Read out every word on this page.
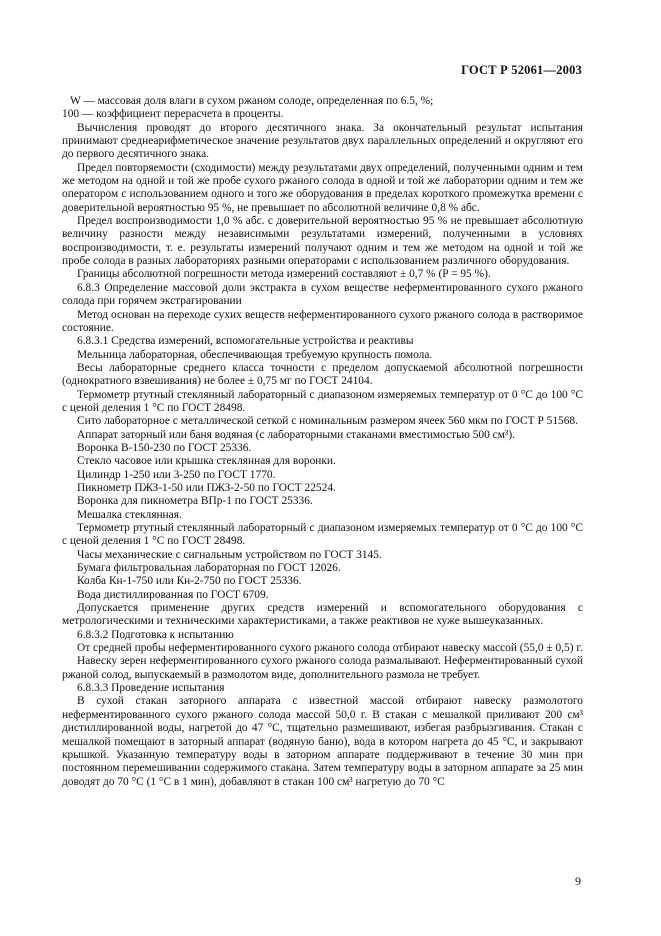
ГОСТ Р 52061—2003

W — массовая доля влаги в сухом ржаном солоде, определенная по 6.5, %;

100 — коэффициент перерасчета в проценты.

Вычисления проводят до второго десятичного знака. За окончательный результат испытания принимают среднеарифметическое значение результатов двух параллельных определений и округляют его до первого десятичного знака.

Предел повторяемости (сходимости) между результатами двух определений, полученными одним и тем же методом на одной и той же пробе сухого ржаного солода в одной и той же лаборатории одним и тем же оператором с использованием одного и того же оборудования в пределах короткого промежутка времени с доверительной вероятностью 95 %, не превышает по абсолютной величине 0,8 % абс.

Предел воспроизводимости 1,0 % абс. с доверительной вероятностью 95 % не превышает абсолютную величину разности между независимыми результатами измерений, полученными в условиях воспроизводимости, т. е. результаты измерений получают одним и тем же методом на одной и той же пробе солода в разных лабораториях разными операторами с использованием различного оборудования.

Границы абсолютной погрешности метода измерений составляют ± 0,7 % (P = 95 %).

6.8.3 Определение массовой доли экстракта в сухом веществе неферментированного сухого ржаного солода при горячем экстрагировании

Метод основан на переходе сухих веществ неферментированного сухого ржаного солода в растворимое состояние.

6.8.3.1 Средства измерений, вспомогательные устройства и реактивы

Мельница лабораторная, обеспечивающая требуемую крупность помола.

Весы лабораторные среднего класса точности с пределом допускаемой абсолютной погрешности (однократного взвешивания) не более ± 0,75 мг по ГОСТ 24104.

Термометр ртутный стеклянный лабораторный с диапазоном измеряемых температур от 0 °С до 100 °С с ценой деления 1 °С по ГОСТ 28498.

Сито лабораторное с металлической сеткой с номинальным размером ячеек 560 мкм по ГОСТ Р 51568.

Аппарат заторный или баня водяная (с лабораторными стаканами вместимостью 500 см³).

Воронка В-150-230 по ГОСТ 25336.

Стекло часовое или крышка стеклянная для воронки.

Цилиндр 1-250 или 3-250 по ГОСТ 1770.

Пикнометр ПЖЗ-1-50 или ПЖЗ-2-50 по ГОСТ 22524.

Воронка для пикнометра ВПр-1 по ГОСТ 25336.

Мешалка стеклянная.

Термометр ртутный стеклянный лабораторный с диапазоном измеряемых температур от 0 °С до 100 °С с ценой деления 1 °С по ГОСТ 28498.

Часы механические с сигнальным устройством по ГОСТ 3145.

Бумага фильтровальная лабораторная по ГОСТ 12026.

Колба Кн-1-750 или Кн-2-750 по ГОСТ 25336.

Вода дистиллированная по ГОСТ 6709.

Допускается применение других средств измерений и вспомогательного оборудования с метрологическими и техническими характеристиками, а также реактивов не хуже вышеуказанных.

6.8.3.2 Подготовка к испытанию

От средней пробы неферментированного сухого ржаного солода отбирают навеску массой (55,0 ± 0,5) г.

Навеску зерен неферментированного сухого ржаного солода размалывают. Неферментированный сухой ржаной солод, выпускаемый в размолотом виде, дополнительного размола не требует.

6.8.3.3 Проведение испытания

В сухой стакан заторного аппарата с известной массой отбирают навеску размолотого неферментированного сухого ржаного солода массой 50,0 г. В стакан с мешалкой приливают 200 см³ дистиллированной воды, нагретой до 47 °С, тщательно размешивают, избегая разбрызгивания. Стакан с мешалкой помещают в заторный аппарат (водяную баню), вода в котором нагрета до 45 °С, и закрывают крышкой. Указанную температуру воды в заторном аппарате поддерживают в течение 30 мин при постоянном перемешивании содержимого стакана. Затем температуру воды в заторном аппарате за 25 мин доводят до 70 °С (1 °С в 1 мин), добавляют в стакан 100 см³ нагретую до 70 °С

9
